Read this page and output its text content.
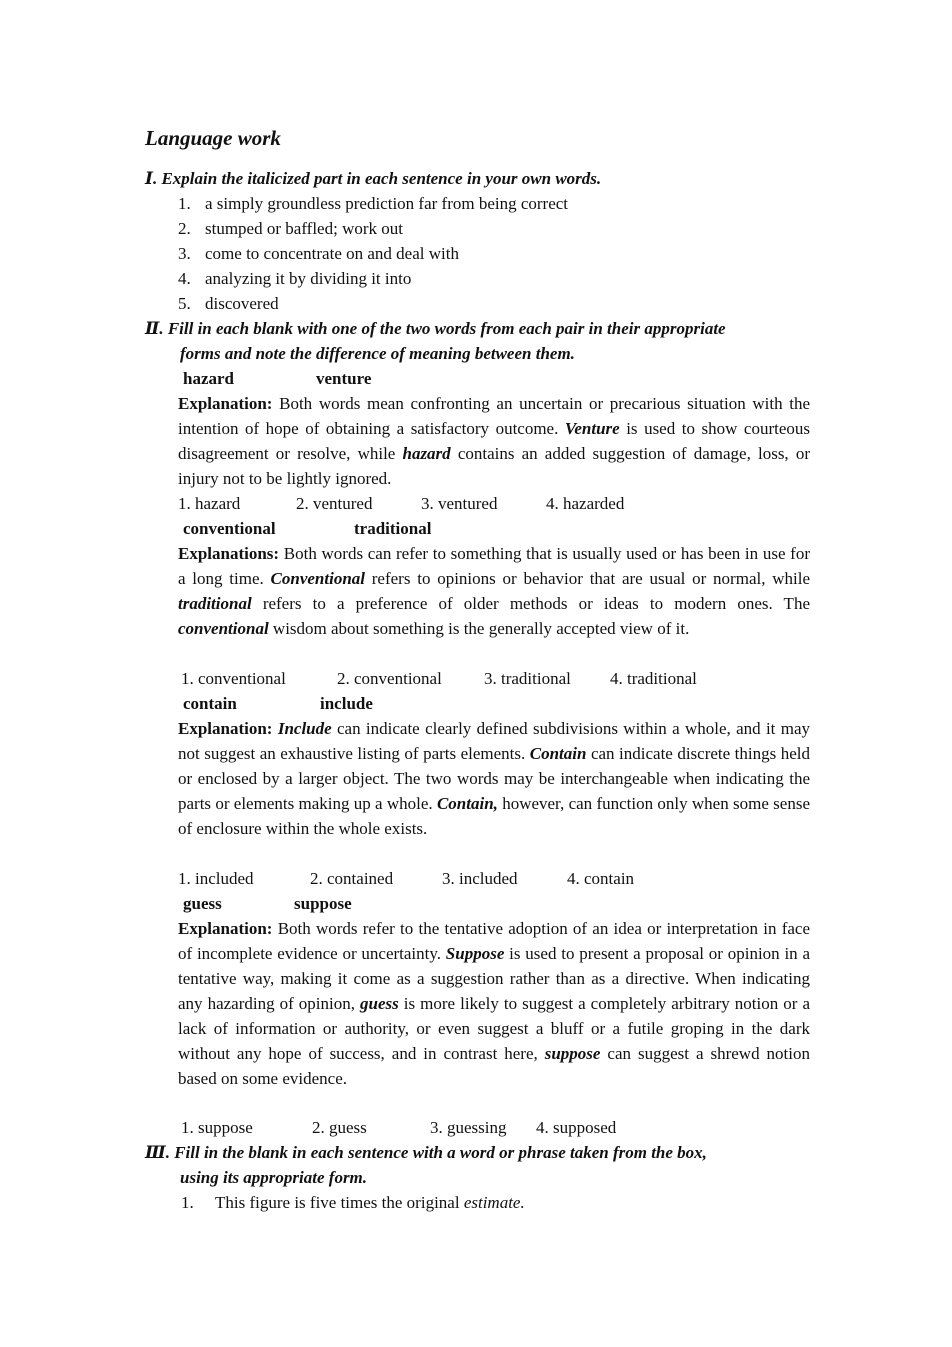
Language work
Ⅰ. Explain the italicized part in each sentence in your own words.
1. a simply groundless prediction far from being correct
2. stumped or baffled; work out
3. come to concentrate on and deal with
4. analyzing it by dividing it into
5. discovered
Ⅱ. Fill in each blank with one of the two words from each pair in their appropriate
forms and note the difference of meaning between them.
hazard	venture
Explanation: Both words mean confronting an uncertain or precarious situation with the intention of hope of obtaining a satisfactory outcome. Venture is used to show courteous disagreement or resolve, while hazard contains an added suggestion of damage, loss, or injury not to be lightly ignored.
1. hazard	2. ventured	3. ventured	4. hazarded
conventional	traditional
Explanations: Both words can refer to something that is usually used or has been in use for a long time. Conventional refers to opinions or behavior that are usual or normal, while traditional refers to a preference of older methods or ideas to modern ones. The conventional wisdom about something is the generally accepted view of it.
1. conventional	2. conventional 3. traditional 4. traditional
contain	include
Explanation: Include can indicate clearly defined subdivisions within a whole, and it may not suggest an exhaustive listing of parts elements. Contain can indicate discrete things held or enclosed by a larger object. The two words may be interchangeable when indicating the parts or elements making up a whole. Contain, however, can function only when some sense of enclosure within the whole exists.
1. included	2. contained	3. included	4. contain
guess	suppose
Explanation: Both words refer to the tentative adoption of an idea or interpretation in face of incomplete evidence or uncertainty. Suppose is used to present a proposal or opinion in a tentative way, making it come as a suggestion rather than as a directive. When indicating any hazarding of opinion, guess is more likely to suggest a completely arbitrary notion or a lack of information or authority, or even suggest a bluff or a futile groping in the dark without any hope of success, and in contrast here, suppose can suggest a shrewd notion based on some evidence.
1. suppose	2. guess	3. guessing 4. supposed
Ⅲ. Fill in the blank in each sentence with a word or phrase taken from the box,
using its appropriate form.
1. This figure is five times the original estimate.
